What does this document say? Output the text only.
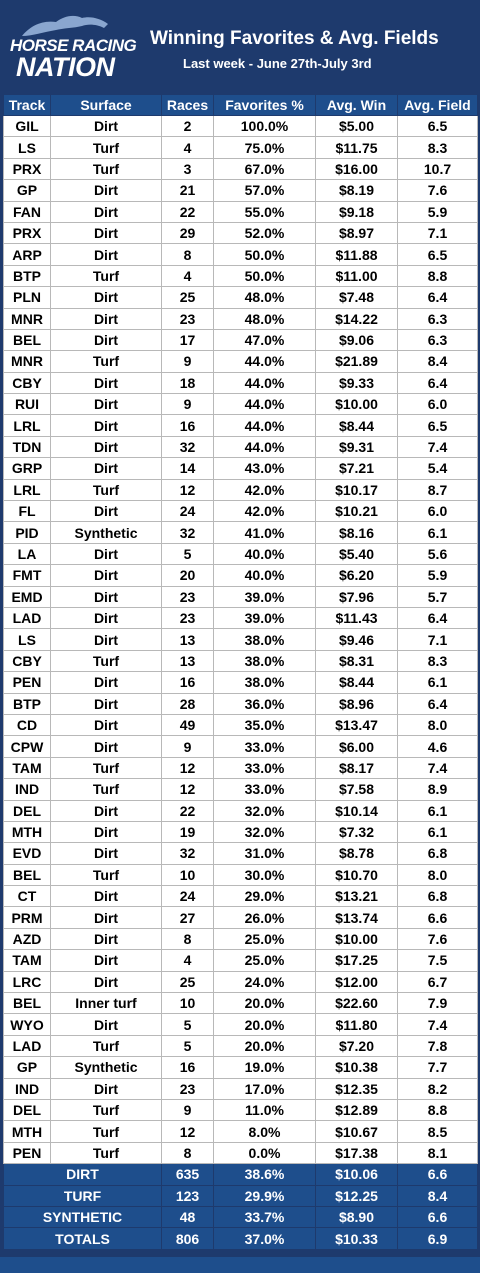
HORSE RACING
NATION
Winning Favorites & Avg. Fields
Last week - June 27th-July 3rd
Track	Surface	Races	Favorites %	Avg. Win	Avg. Field
GIL	Dirt	2	100.0%	$5.00	6.5
LS	Turf	4	75.0%	$11.75	8.3
PRX	Turf	3	67.0%	$16.00	10.7
GP	Dirt	21	57.0%	$8.19	7.6
FAN	Dirt	22	55.0%	$9.18	5.9
PRX	Dirt	29	52.0%	$8.97	7.1
ARP	Dirt	8	50.0%	$11.88	6.5
BTP	Turf	4	50.0%	$11.00	8.8
PLN	Dirt	25	48.0%	$7.48	6.4
MNR	Dirt	23	48.0%	$14.22	6.3
BEL	Dirt	17	47.0%	$9.06	6.3
MNR	Turf	9	44.0%	$21.89	8.4
CBY	Dirt	18	44.0%	$9.33	6.4
RUI	Dirt	9	44.0%	$10.00	6.0
LRL	Dirt	16	44.0%	$8.44	6.5
TDN	Dirt	32	44.0%	$9.31	7.4
GRP	Dirt	14	43.0%	$7.21	5.4
LRL	Turf	12	42.0%	$10.17	8.7
FL	Dirt	24	42.0%	$10.21	6.0
PID	Synthetic	32	41.0%	$8.16	6.1
LA	Dirt	5	40.0%	$5.40	5.6
FMT	Dirt	20	40.0%	$6.20	5.9
EMD	Dirt	23	39.0%	$7.96	5.7
LAD	Dirt	23	39.0%	$11.43	6.4
LS	Dirt	13	38.0%	$9.46	7.1
CBY	Turf	13	38.0%	$8.31	8.3
PEN	Dirt	16	38.0%	$8.44	6.1
BTP	Dirt	28	36.0%	$8.96	6.4
CD	Dirt	49	35.0%	$13.47	8.0
CPW	Dirt	9	33.0%	$6.00	4.6
TAM	Turf	12	33.0%	$8.17	7.4
IND	Turf	12	33.0%	$7.58	8.9
DEL	Dirt	22	32.0%	$10.14	6.1
MTH	Dirt	19	32.0%	$7.32	6.1
EVD	Dirt	32	31.0%	$8.78	6.8
BEL	Turf	10	30.0%	$10.70	8.0
CT	Dirt	24	29.0%	$13.21	6.8
PRM	Dirt	27	26.0%	$13.74	6.6
AZD	Dirt	8	25.0%	$10.00	7.6
TAM	Dirt	4	25.0%	$17.25	7.5
LRC	Dirt	25	24.0%	$12.00	6.7
BEL	Inner turf	10	20.0%	$22.60	7.9
WYO	Dirt	5	20.0%	$11.80	7.4
LAD	Turf	5	20.0%	$7.20	7.8
GP	Synthetic	16	19.0%	$10.38	7.7
IND	Dirt	23	17.0%	$12.35	8.2
DEL	Turf	9	11.0%	$12.89	8.8
MTH	Turf	12	8.0%	$10.67	8.5
PEN	Turf	8	0.0%	$17.38	8.1
DIRT		635	38.6%	$10.06	6.6
TURF		123	29.9%	$12.25	8.4
SYNTHETIC		48	33.7%	$8.90	6.6
TOTALS		806	37.0%	$10.33	6.9
